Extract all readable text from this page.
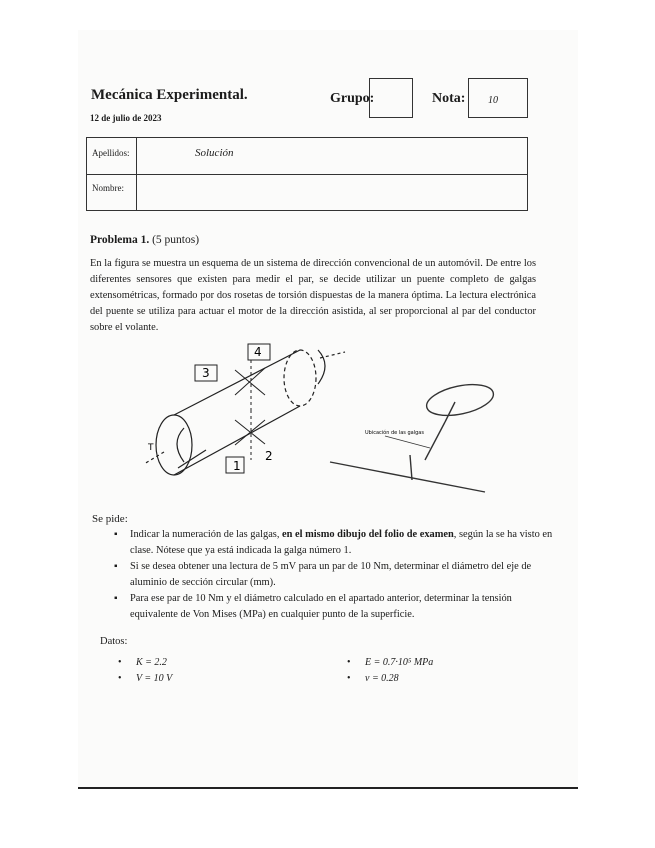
Mecánica Experimental.
12 de julio de 2023
Grupo:	Nota: 10
Apellidos:	Solución
Nombre:
Problema 1. (5 puntos)
En la figura se muestra un esquema de un sistema de dirección convencional de un automóvil. De entre los diferentes sensores que existen para medir el par, se decide utilizar un puente completo de galgas extensométricas, formado por dos rosetas de torsión dispuestas de la manera óptima. La lectura electrónica del puente se utiliza para actuar el motor de la dirección asistida, al ser proporcional al par del conductor sobre el volante.
1
2
3
4
T
Ubicación de las galgas
Se pide:
▪ Indicar la numeración de las galgas, en el mismo dibujo del folio de examen, según la se ha visto en clase. Nótese que ya está indicada la galga número 1.
▪ Si se desea obtener una lectura de 5 mV para un par de 10 Nm, determinar el diámetro del eje de aluminio de sección circular (mm).
▪ Para ese par de 10 Nm y el diámetro calculado en el apartado anterior, determinar la tensión equivalente de Von Mises (MPa) en cualquier punto de la superficie.
Datos:
• K = 2.2
• V = 10 V
• E = 0.7·10⁵ MPa
• ν = 0.28
